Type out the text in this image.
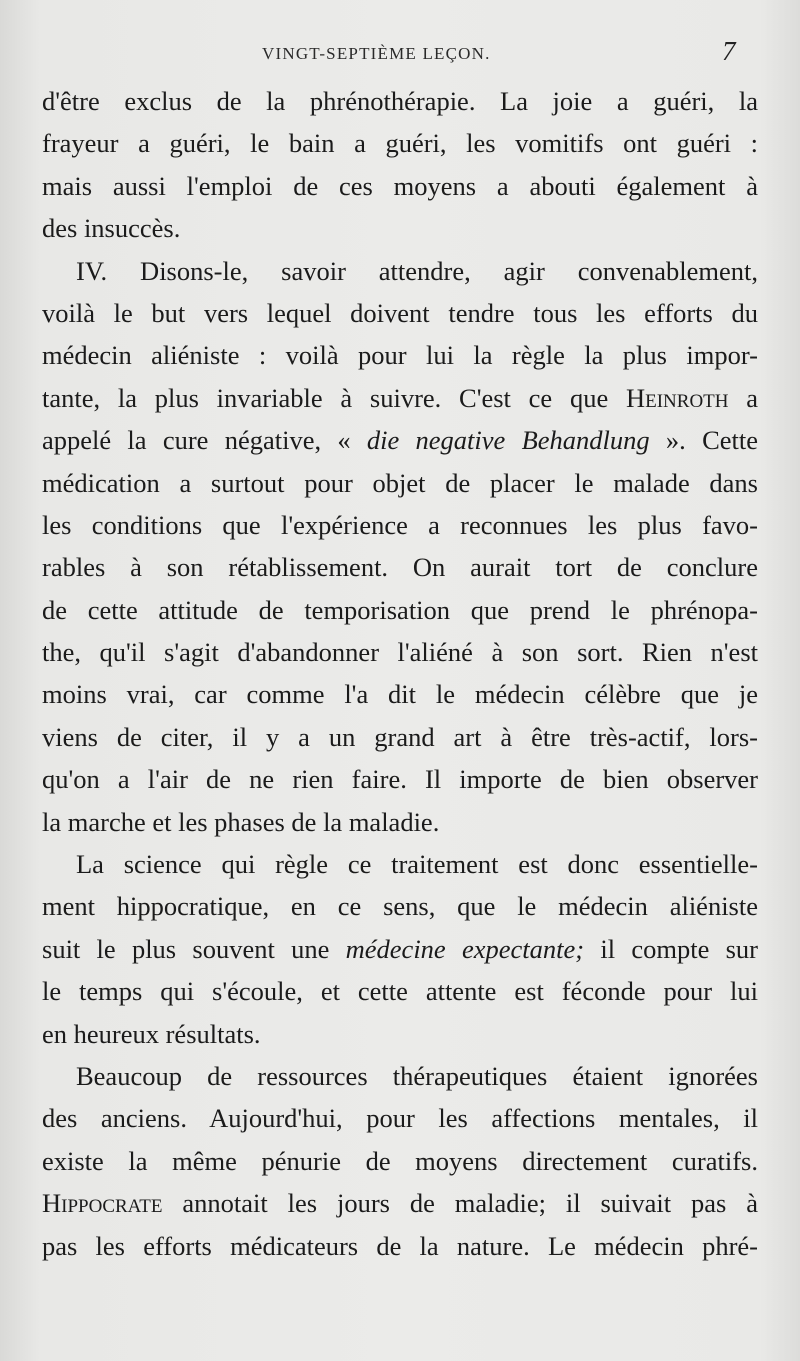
VINGT-SEPTIÈME LEÇON.	7
d'être exclus de la phrénothérapie. La joie a guéri, la
frayeur a guéri, le bain a guéri, les vomitifs ont guéri :
mais aussi l'emploi de ces moyens a abouti également à
des insuccès.
IV. Disons-le, savoir attendre, agir convenablement,
voilà le but vers lequel doivent tendre tous les efforts du
médecin aliéniste : voilà pour lui la règle la plus impor-
tante, la plus invariable à suivre. C'est ce que Heinroth a
appelé la cure négative, « die negative Behandlung ». Cette
médication a surtout pour objet de placer le malade dans
les conditions que l'expérience a reconnues les plus favo-
rables à son rétablissement. On aurait tort de conclure
de cette attitude de temporisation que prend le phrénopa-
the, qu'il s'agit d'abandonner l'aliéné à son sort. Rien n'est
moins vrai, car comme l'a dit le médecin célèbre que je
viens de citer, il y a un grand art à être très-actif, lors-
qu'on a l'air de ne rien faire. Il importe de bien observer
la marche et les phases de la maladie.
La science qui règle ce traitement est donc essentielle-
ment hippocratique, en ce sens, que le médecin aliéniste
suit le plus souvent une médecine expectante; il compte sur
le temps qui s'écoule, et cette attente est féconde pour lui
en heureux résultats.
Beaucoup de ressources thérapeutiques étaient ignorées
des anciens. Aujourd'hui, pour les affections mentales, il
existe la même pénurie de moyens directement curatifs.
Hippocrate annotait les jours de maladie; il suivait pas à
pas les efforts médicateurs de la nature. Le médecin phré-
